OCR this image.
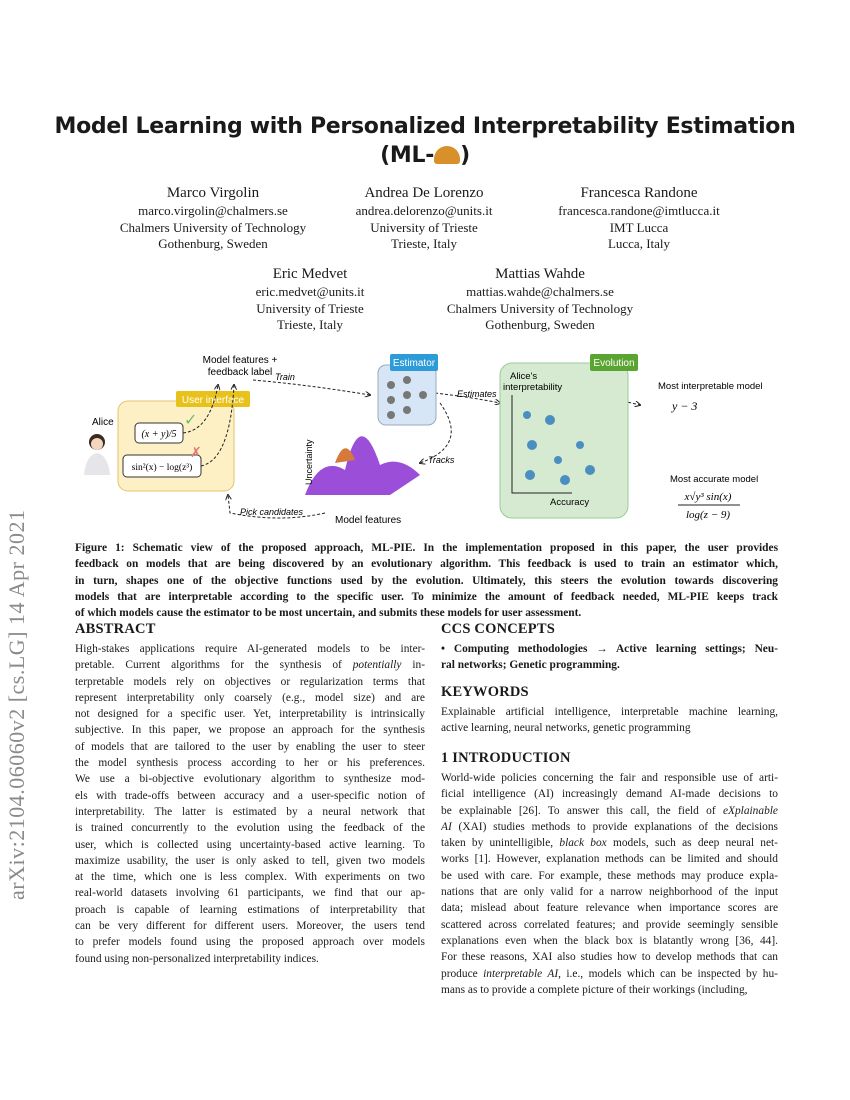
Model Learning with Personalized Interpretability Estimation
(ML- )
Marco Virgolin
marco.virgolin@chalmers.se
Chalmers University of Technology
Gothenburg, Sweden
Andrea De Lorenzo
andrea.delorenzo@units.it
University of Trieste
Trieste, Italy
Francesca Randone
francesca.randone@imtlucca.it
IMT Lucca
Lucca, Italy
Eric Medvet
eric.medvet@units.it
University of Trieste
Trieste, Italy
Mattias Wahde
mattias.wahde@chalmers.se
Chalmers University of Technology
Gothenburg, Sweden
arXiv:2104.06060v2 [cs.LG] 14 Apr 2021
Alice
User interface
(x + y)/5
✓
sin²(x) − log(z³)
✗
Model features +
feedback label Train
Estimator
Estimates
Tracks
Pick candidates
Uncertainty
Model features
Evolution
Alice's
interpretability
Accuracy
Most interpretable model
y − 3
Most accurate model
x√y³ sin(x)
log(z − 9)
Figure 1: Schematic view of the proposed approach, ML-PIE. In the implementation proposed in this paper, the user provides
feedback on models that are being discovered by an evolutionary algorithm. This feedback is used to train an estimator which,
in turn, shapes one of the objective functions used by the evolution. Ultimately, this steers the evolution towards discovering
models that are interpretable according to the specific user. To minimize the amount of feedback needed, ML-PIE keeps track
of which models cause the estimator to be most uncertain, and submits these models for user assessment.
ABSTRACT
High-stakes applications require AI-generated models to be inter-
pretable. Current algorithms for the synthesis of potentially in-
terpretable models rely on objectives or regularization terms that
represent interpretability only coarsely (e.g., model size) and are
not designed for a specific user. Yet, interpretability is intrinsically
subjective. In this paper, we propose an approach for the synthesis
of models that are tailored to the user by enabling the user to steer
the model synthesis process according to her or his preferences.
We use a bi-objective evolutionary algorithm to synthesize mod-
els with trade-offs between accuracy and a user-specific notion of
interpretability. The latter is estimated by a neural network that
is trained concurrently to the evolution using the feedback of the
user, which is collected using uncertainty-based active learning. To
maximize usability, the user is only asked to tell, given two models
at the time, which one is less complex. With experiments on two
real-world datasets involving 61 participants, we find that our ap-
proach is capable of learning estimations of interpretability that
can be very different for different users. Moreover, the users tend
to prefer models found using the proposed approach over models
found using non-personalized interpretability indices.
CCS CONCEPTS
• Computing methodologies → Active learning settings; Neu-
ral networks; Genetic programming.
KEYWORDS
Explainable artificial intelligence, interpretable machine learning,
active learning, neural networks, genetic programming
1 INTRODUCTION
World-wide policies concerning the fair and responsible use of arti-
ficial intelligence (AI) increasingly demand AI-made decisions to
be explainable [26]. To answer this call, the field of eXplainable
AI (XAI) studies methods to provide explanations of the decisions
taken by unintelligible, black box models, such as deep neural net-
works [1]. However, explanation methods can be limited and should
be used with care. For example, these methods may produce expla-
nations that are only valid for a narrow neighborhood of the input
data; mislead about feature relevance when importance scores are
scattered across correlated features; and provide seemingly sensible
explanations even when the black box is blatantly wrong [36, 44].
For these reasons, XAI also studies how to develop methods that can
produce interpretable AI, i.e., models which can be inspected by hu-
mans as to provide a complete picture of their workings (including,
